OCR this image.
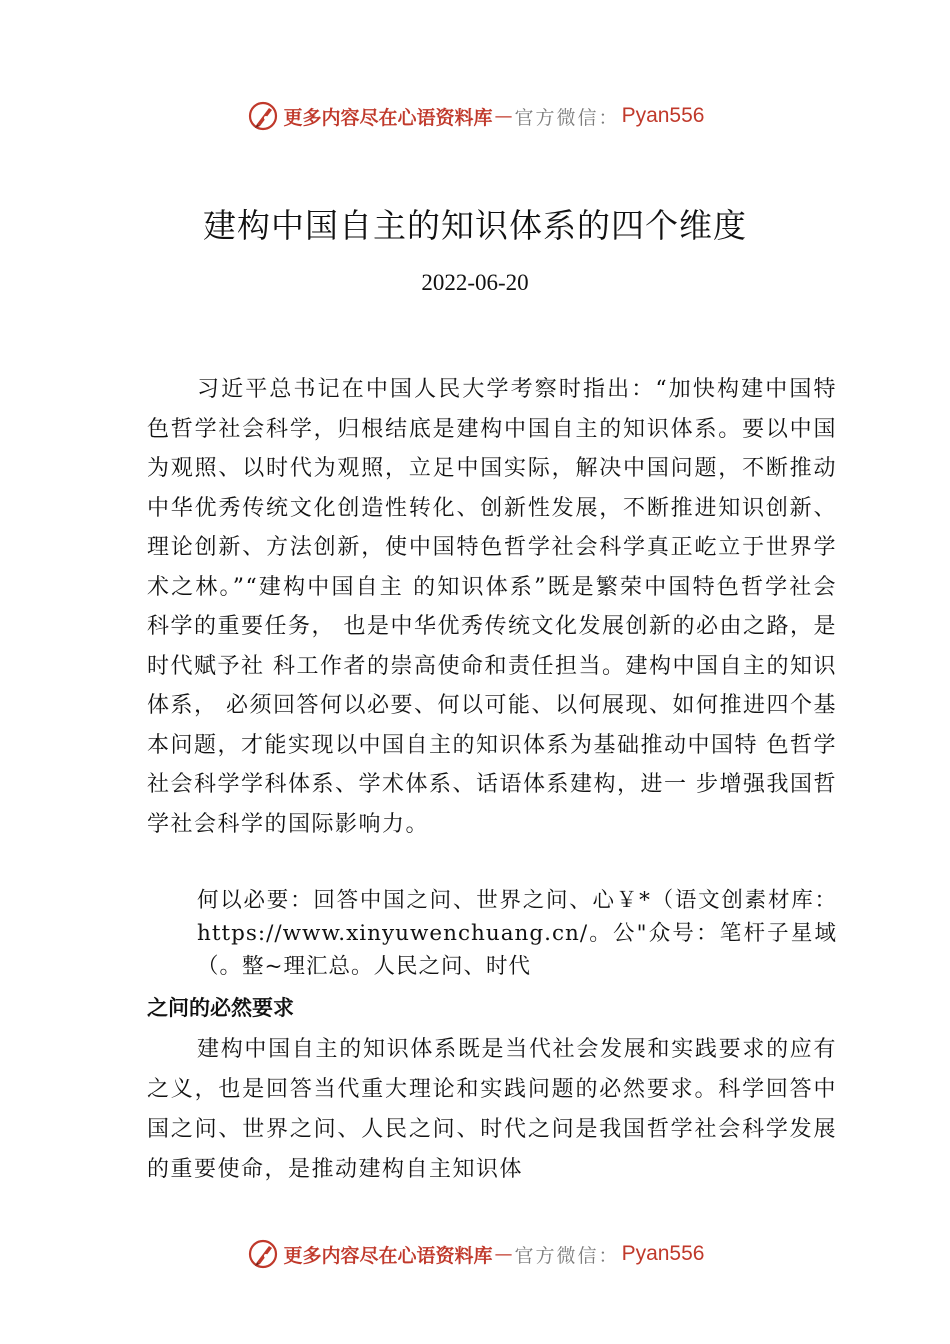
更多内容尽在心语资料库 — 官方微信： Pyan556
建构中国自主的知识体系的四个维度
2022-06-20

习近平总书记在中国人民大学考察时指出：“加快构建中国特色哲学社会科学，归根结底是建构中国自主的知识体系。要以中国为观照、以时代为观照，立足中国实际，解决中国问题，不断推动中华优秀传统文化创造性转化、创新性发展，不断推进知识创新、理论创新、方法创新，使中国特色哲学社会科学真正屹立于世界学术之林。”“建构中国自主 的知识体系”既是繁荣中国特色哲学社会科学的重要任务， 也是中华优秀传统文化发展创新的必由之路，是时代赋予社 科工作者的崇高使命和责任担当。建构中国自主的知识体系， 必须回答何以必要、何以可能、以何展现、如何推进四个基 本问题，才能实现以中国自主的知识体系为基础推动中国特 色哲学社会科学学科体系、学术体系、话语体系建构，进一 步增强我国哲学社会科学的国际影响力。

何以必要：回答中国之问、世界之问、心￥*（语文创素材库：https://www.xinyuwenchuang.cn/。公"众号：笔杆子星域（。整~理汇总。人民之问、时代

之问的必然要求

建构中国自主的知识体系既是当代社会发展和实践要求的应有之义，也是回答当代重大理论和实践问题的必然要求。科学回答中国之问、世界之问、人民之问、时代之问是我国哲学社会科学发展的重要使命，是推动建构自主知识体

更多内容尽在心语资料库 — 官方微信： Pyan556
